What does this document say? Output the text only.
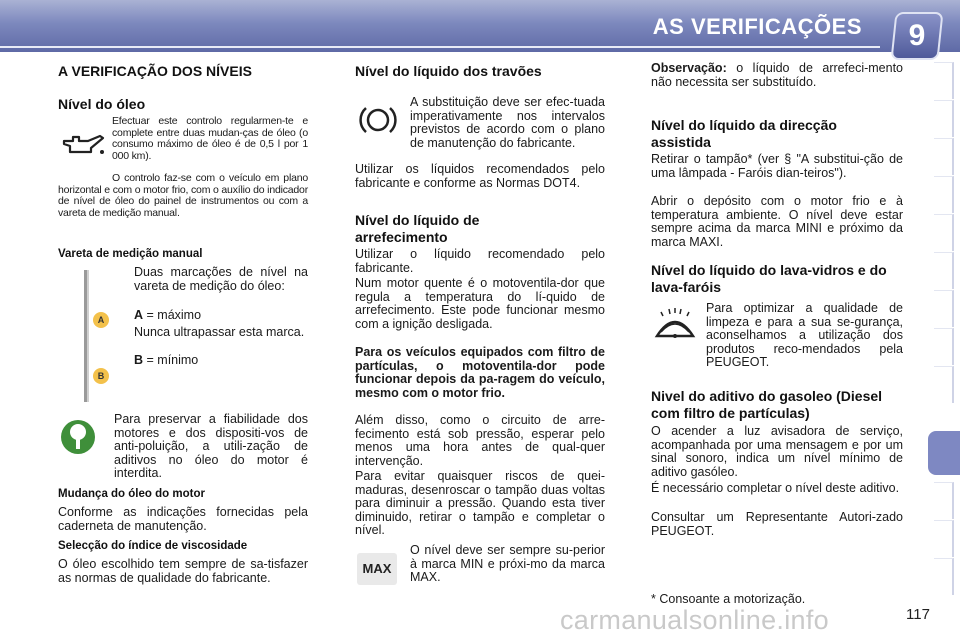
AS VERIFICAÇÕES	9
A VERIFICAÇÃO DOS NÍVEIS
Nível do óleo

Efectuar este controlo regularmen-te e complete entre duas mudan-ças de óleo (o consumo máximo de óleo é de 0,5 l por 1 000 km).

O controlo faz-se com o veículo em plano horizontal e com o motor frio, com o auxílio do indicador de nível de óleo do painel de instrumentos ou com a vareta de medição manual.

Vareta de medição manual
A
B

Duas marcações de nível na vareta de medição do óleo:

A = máximo

Nunca ultrapassar esta marca.

B = mínimo

Para preservar a fiabilidade dos motores e dos dispositi-vos de anti-poluição, a utili-zação de aditivos no óleo do motor é interdita.

Mudança do óleo do motor

Conforme as indicações fornecidas pela caderneta de manutenção.

Selecção do índice de viscosidade

O óleo escolhido tem sempre de sa-tisfazer as normas de qualidade do fabricante.

Nível do líquido dos travões

A substituição deve ser efec-tuada imperativamente nos intervalos previstos de acordo com o plano de manutenção do fabricante.

Utilizar os líquidos recomendados pelo fabricante e conforme as Normas DOT4.

Nível do líquido de arrefecimento

Utilizar o líquido recomendado pelo fabricante.

Num motor quente é o motoventila-dor que regula a temperatura do lí-quido de arrefecimento. Este pode funcionar mesmo com a ignição desligada.

Para os veículos equipados com filtro de partículas, o motoventila-dor pode funcionar depois da pa-ragem do veículo, mesmo com o motor frio.

Além disso, como o circuito de arre-fecimento está sob pressão, esperar pelo menos uma hora antes de qual-quer intervenção.

Para evitar quaisquer riscos de quei-maduras, desenroscar o tampão duas voltas para diminuir a pressão. Quando esta tiver diminuido, retirar o tampão e completar o nível.

MAX

O nível deve ser sempre su-perior à marca MIN e próxi-mo da marca MAX.

Observação: o líquido de arrefeci-mento não necessita ser substituído.

Nível do líquido da direcção assistida

Retirar o tampão* (ver § "A substitui-ção de uma lâmpada - Faróis dian-teiros").

Abrir o depósito com o motor frio e à temperatura ambiente. O nível deve estar sempre acima da marca MINI e próximo da marca MAXI.

Nível do líquido do lava-vidros e do lava-faróis

Para optimizar a qualidade de limpeza e para a sua se-gurança, aconselhamos a utilização dos produtos reco-mendados pela PEUGEOT.

Nivel do aditivo do gasoleo (Diesel com filtro de partículas)

O acender a luz avisadora de serviço, acompanhada por uma mensagem e por um sinal sonoro, indica um nível mínimo de aditivo gasóleo.

É necessário completar o nível deste aditivo.

Consultar um Representante Autori-zado PEUGEOT.

* Consoante a motorização.
carmanualsonline.info	117
